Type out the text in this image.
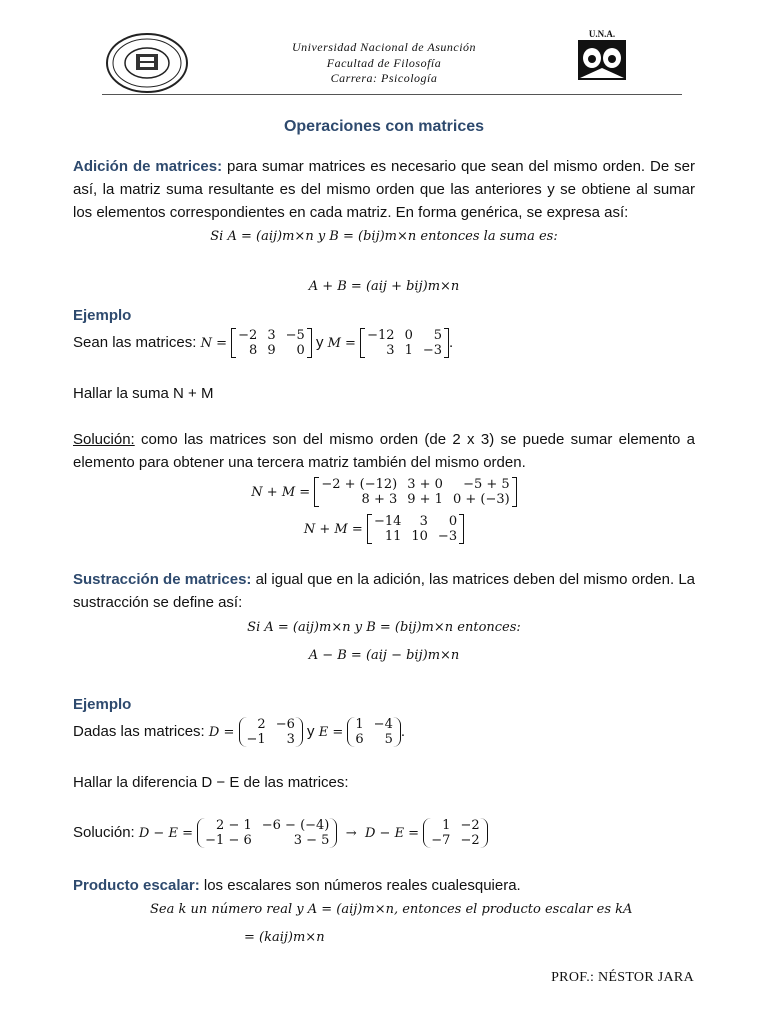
Universidad Nacional de Asunción
Facultad de Filosofía
Carrera: Psicología
U.N.A.
Operaciones con matrices
Adición de matrices: para sumar matrices es necesario que sean del mismo orden. De ser así, la matriz suma resultante es del mismo orden que las anteriores y se obtiene al sumar los elementos correspondientes en cada matriz. En forma genérica, se expresa así:
Si A = (aij)m×n y B = (bij)m×n entonces la suma es:
A + B = (aij + bij)m×n
Ejemplo
Sean las matrices: N =
−2	3	−5
8	9	0 y M =
−12	0	5
3	1	−3 .
Hallar la suma N + M
Solución: como las matrices son del mismo orden (de 2 x 3) se puede sumar elemento a elemento para obtener una tercera matriz también del mismo orden.
N + M =
−2 + (−12)	3 + 0	−5 + 5
8 + 3	9 + 1	0 + (−3)
N + M =
−14	3	0
11	10	−3
Sustracción de matrices: al igual que en la adición, las matrices deben del mismo orden. La sustracción se define así:
Si A = (aij)m×n y B = (bij)m×n entonces:
A − B = (aij − bij)m×n
Ejemplo
Dadas las matrices: D =
2	−6
−1	3 y E =
1	−4
6	5 .
Hallar la diferencia D − E de las matrices:
Solución: D − E =
2 − 1	−6 − (−4)
−1 − 6	3 − 5 → D − E =
1	−2
−7	−2
Producto escalar: los escalares son números reales cualesquiera.
Sea k un número real y A = (aij)m×n, entonces el producto escalar es kA
= (kaij)m×n
PROF.: NÉSTOR JARA
